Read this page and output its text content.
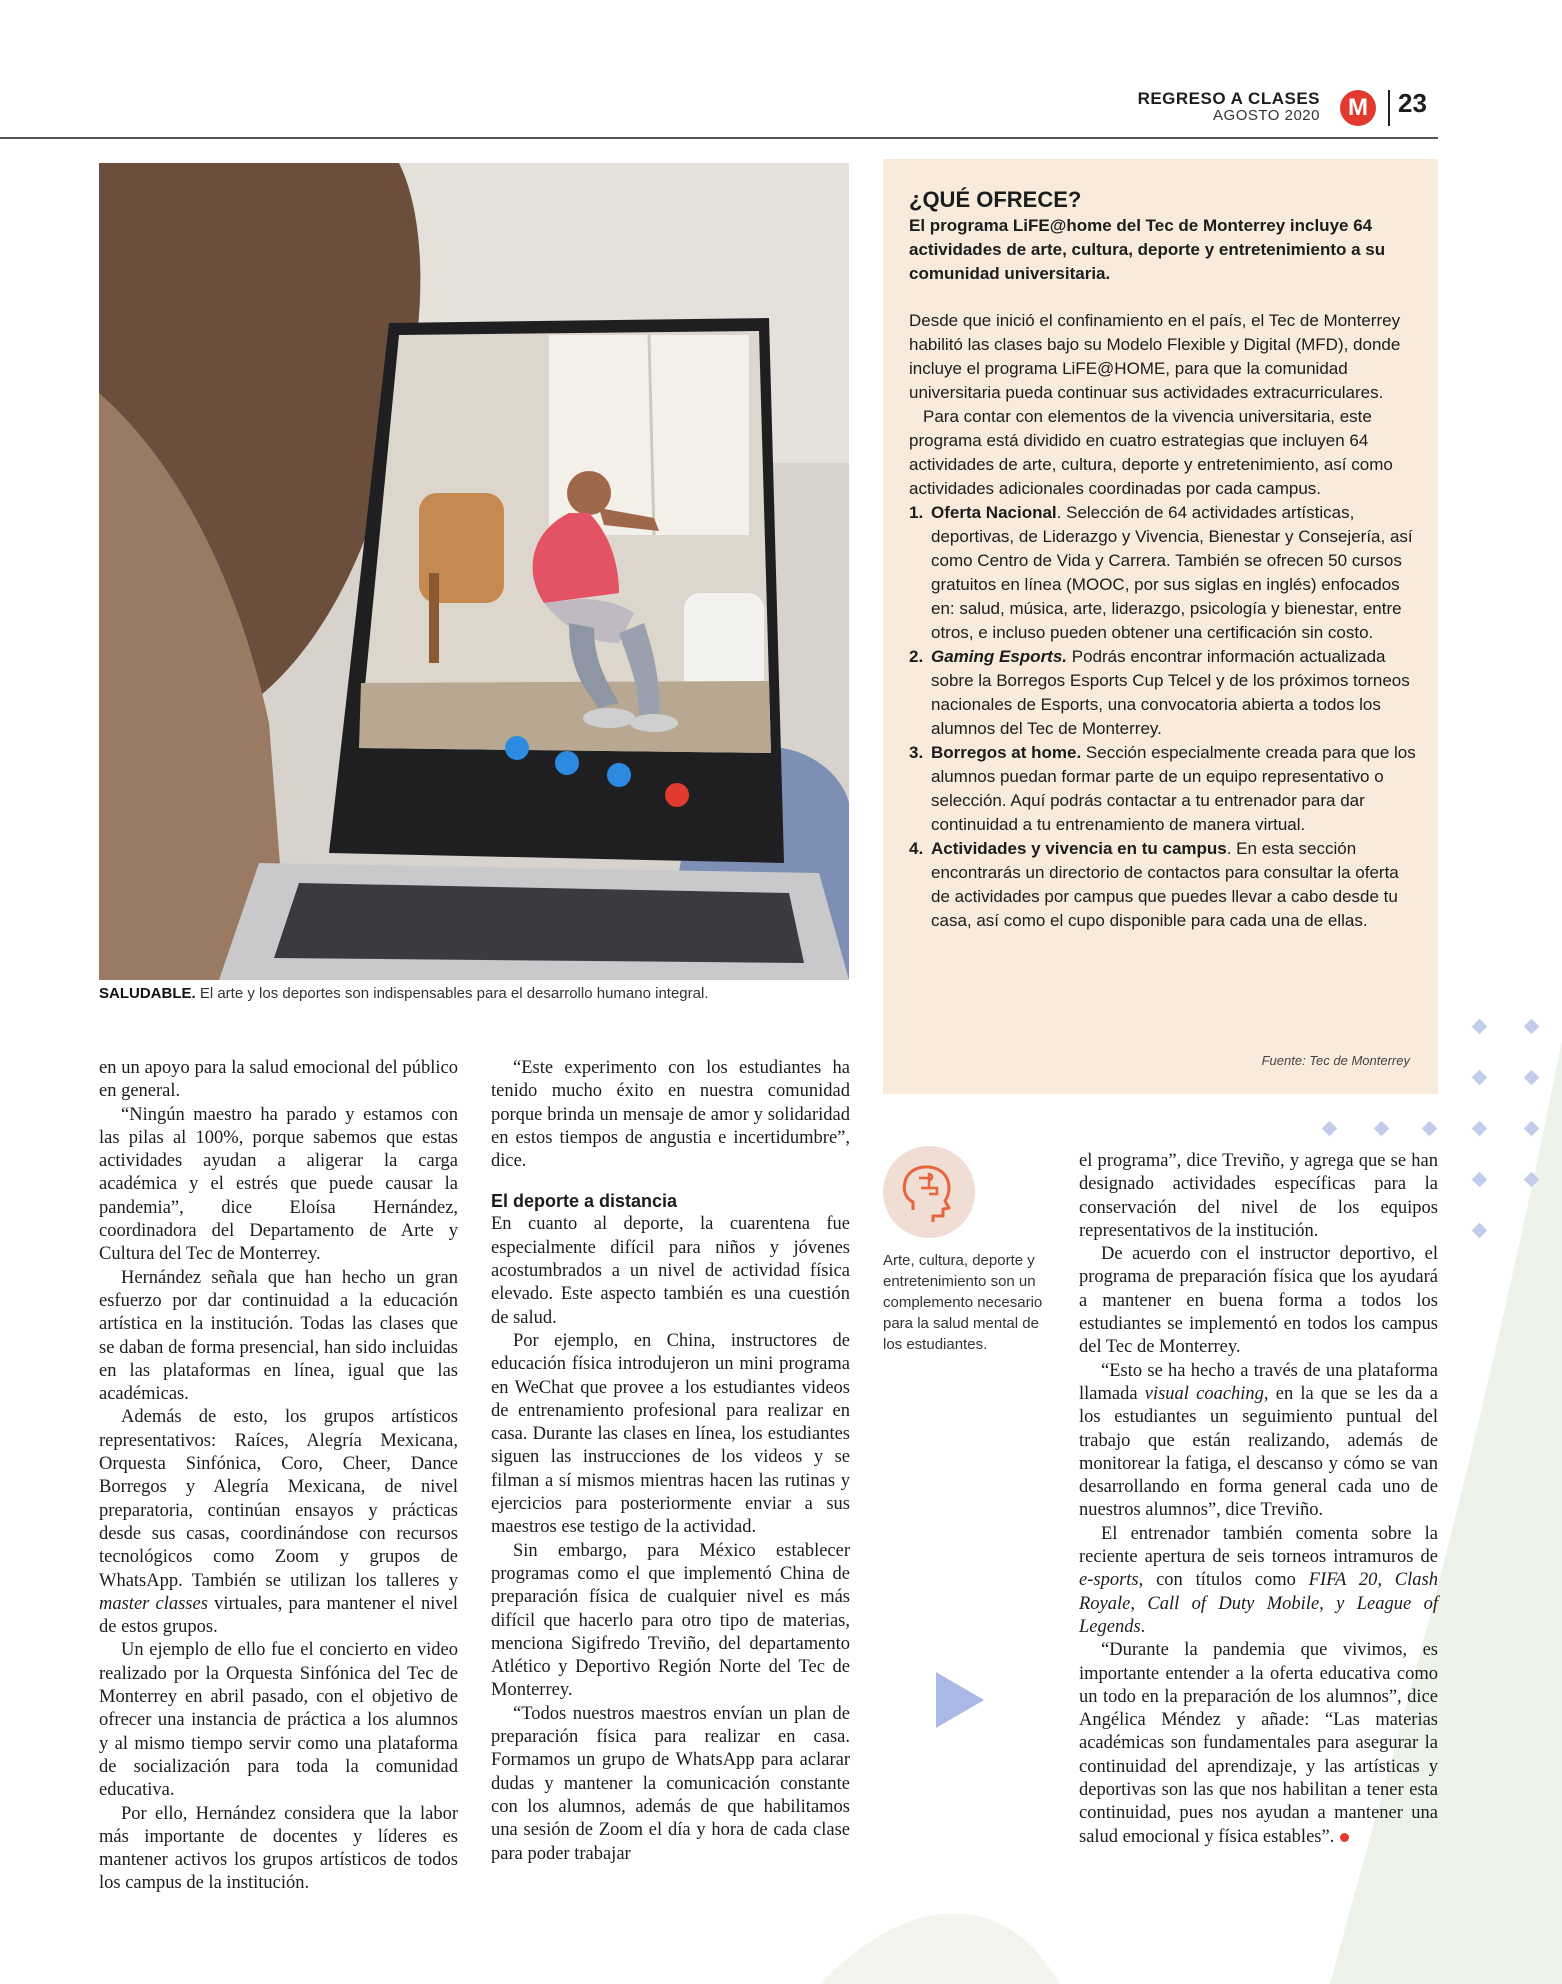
REGRESO A CLASES
AGOSTO 2020	M	23
SALUDABLE. El arte y los deportes son indispensables para el desarrollo humano integral.
¿QUÉ OFRECE?
El programa LiFE@home del Tec de Monterrey incluye 64 actividades de arte, cultura, deporte y entretenimiento a su comunidad universitaria.

Desde que inició el confinamiento en el país, el Tec de Monterrey habilitó las clases bajo su Modelo Flexible y Digital (MFD), donde incluye el programa LiFE@HOME, para que la comunidad universitaria pueda continuar sus actividades extracurriculares.

Para contar con elementos de la vivencia universitaria, este programa está dividido en cuatro estrategias que incluyen 64 actividades de arte, cultura, deporte y entretenimiento, así como actividades adicionales coordinadas por cada campus.

1. Oferta Nacional. Selección de 64 actividades artísticas, deportivas, de Liderazgo y Vivencia, Bienestar y Consejería, así como Centro de Vida y Carrera. También se ofrecen 50 cursos gratuitos en línea (MOOC, por sus siglas en inglés) enfocados en: salud, música, arte, liderazgo, psicología y bienestar, entre otros, e incluso pueden obtener una certificación sin costo.
2. Gaming Esports. Podrás encontrar información actualizada sobre la Borregos Esports Cup Telcel y de los próximos torneos nacionales de Esports, una convocatoria abierta a todos los alumnos del Tec de Monterrey.
3. Borregos at home. Sección especialmente creada para que los alumnos puedan formar parte de un equipo representativo o selección. Aquí podrás contactar a tu entrenador para dar continuidad a tu entrenamiento de manera virtual.
4. Actividades y vivencia en tu campus. En esta sección encontrarás un directorio de contactos para consultar la oferta de actividades por campus que puedes llevar a cabo desde tu casa, así como el cupo disponible para cada una de ellas.
Fuente: Tec de Monterrey
Arte, cultura, deporte y entretenimiento son un complemento necesario para la salud mental de los estudiantes.

en un apoyo para la salud emocional del público en general.

“Ningún maestro ha parado y estamos con las pilas al 100%, porque sabemos que estas actividades ayudan a aligerar la carga académica y el estrés que puede causar la pandemia”, dice Eloísa Hernández, coordinadora del Departamento de Arte y Cultura del Tec de Monterrey.

Hernández señala que han hecho un gran esfuerzo por dar continuidad a la educación artística en la institución. Todas las clases que se daban de forma presencial, han sido incluidas en las plataformas en línea, igual que las académicas.

Además de esto, los grupos artísticos representativos: Raíces, Alegría Mexicana, Orquesta Sinfónica, Coro, Cheer, Dance Borregos y Alegría Mexicana, de nivel preparatoria, continúan ensayos y prácticas desde sus casas, coordinándose con recursos tecnológicos como Zoom y grupos de WhatsApp. También se utilizan los talleres y master classes virtuales, para mantener el nivel de estos grupos.

Un ejemplo de ello fue el concierto en video realizado por la Orquesta Sinfónica del Tec de Monterrey en abril pasado, con el objetivo de ofrecer una instancia de práctica a los alumnos y al mismo tiempo servir como una plataforma de socialización para toda la comunidad educativa.

Por ello, Hernández considera que la labor más importante de docentes y líderes es mantener activos los grupos artísticos de todos los campus de la institución.

“Este experimento con los estudiantes ha tenido mucho éxito en nuestra comunidad porque brinda un mensaje de amor y solidaridad en estos tiempos de angustia e incertidumbre”, dice.

El deporte a distancia

En cuanto al deporte, la cuarentena fue especialmente difícil para niños y jóvenes acostumbrados a un nivel de actividad física elevado. Este aspecto también es una cuestión de salud.

Por ejemplo, en China, instructores de educación física introdujeron un mini programa en WeChat que provee a los estudiantes videos de entrenamiento profesional para realizar en casa. Durante las clases en línea, los estudiantes siguen las instrucciones de los videos y se filman a sí mismos mientras hacen las rutinas y ejercicios para posteriormente enviar a sus maestros ese testigo de la actividad.

Sin embargo, para México establecer programas como el que implementó China de preparación física de cualquier nivel es más difícil que hacerlo para otro tipo de materias, menciona Sigifredo Treviño, del departamento Atlético y Deportivo Región Norte del Tec de Monterrey.

“Todos nuestros maestros envían un plan de preparación física para realizar en casa. Formamos un grupo de WhatsApp para aclarar dudas y mantener la comunicación constante con los alumnos, además de que habilitamos una sesión de Zoom el día y hora de cada clase para poder trabajar

el programa”, dice Treviño, y agrega que se han designado actividades específicas para la conservación del nivel de los equipos representativos de la institución.

De acuerdo con el instructor deportivo, el programa de preparación física que los ayudará a mantener en buena forma a todos los estudiantes se implementó en todos los campus del Tec de Monterrey.

“Esto se ha hecho a través de una plataforma llamada visual coaching, en la que se les da a los estudiantes un seguimiento puntual del trabajo que están realizando, además de monitorear la fatiga, el descanso y cómo se van desarrollando en forma general cada uno de nuestros alumnos”, dice Treviño.

El entrenador también comenta sobre la reciente apertura de seis torneos intramuros de e-sports, con títulos como FIFA 20, Clash Royale, Call of Duty Mobile, y League of Legends.

“Durante la pandemia que vivimos, es importante entender a la oferta educativa como un todo en la preparación de los alumnos”, dice Angélica Méndez y añade: “Las materias académicas son fundamentales para asegurar la continuidad del aprendizaje, y las artísticas y deportivas son las que nos habilitan a tener esta continuidad, pues nos ayudan a mantener una salud emocional y física estables”.
